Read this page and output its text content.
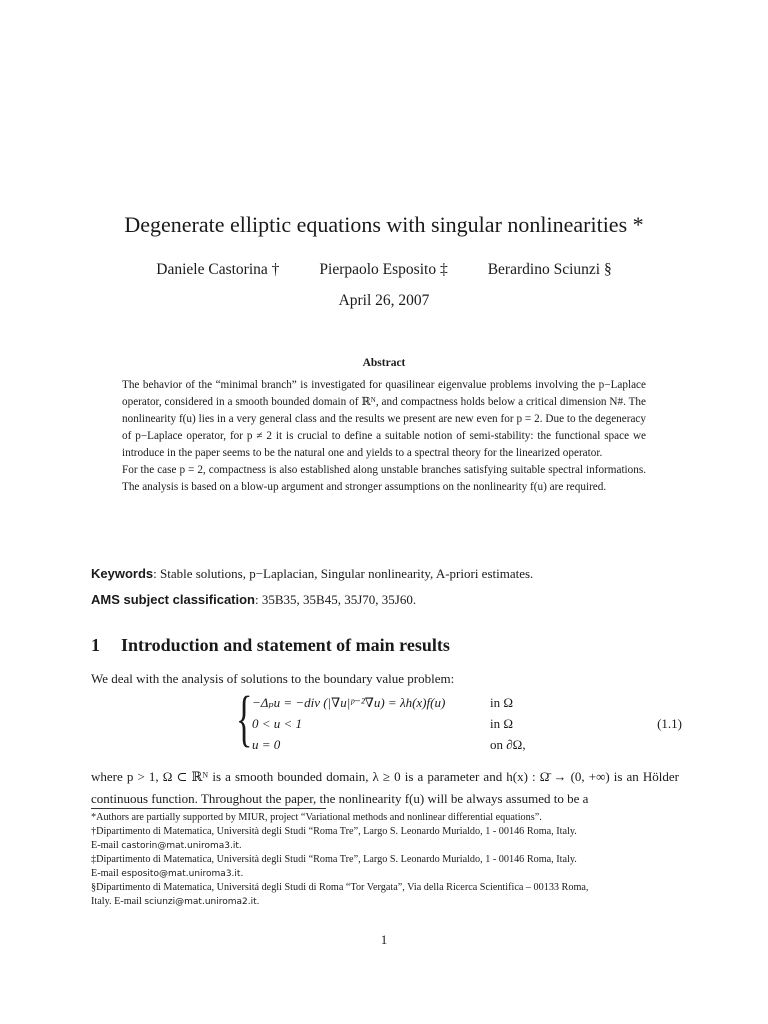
Degenerate elliptic equations with singular nonlinearities *
Daniele Castorina †	Pierpaolo Esposito ‡	Berardino Sciunzi §
April 26, 2007
Abstract

The behavior of the “minimal branch” is investigated for quasilinear eigenvalue problems involving the p−Laplace operator, considered in a smooth bounded domain of ℝᴺ, and compactness holds below a critical dimension N#. The nonlinearity f(u) lies in a very general class and the results we present are new even for p = 2. Due to the degeneracy of p−Laplace operator, for p ≠ 2 it is crucial to define a suitable notion of semi-stability: the functional space we introduce in the paper seems to be the natural one and yields to a spectral theory for the linearized operator.

For the case p = 2, compactness is also established along unstable branches satisfying suitable spectral informations. The analysis is based on a blow-up argument and stronger assumptions on the nonlinearity f(u) are required.

Keywords: Stable solutions, p−Laplacian, Singular nonlinearity, A-priori estimates.
AMS subject classification: 35B35, 35B45, 35J70, 35J60.
1 Introduction and statement of main results
We deal with the analysis of solutions to the boundary value problem:
{ −Δₚu = −div (|∇u|ᵖ⁻²∇u) = λh(x)f(u)	in Ω
0 < u < 1	in Ω
u = 0	on ∂Ω,
(1.1)

where p > 1, Ω ⊂ ℝᴺ is a smooth bounded domain, λ ≥ 0 is a parameter and h(x) : Ω̄ → (0, +∞) is an Hölder continuous function. Throughout the paper, the nonlinearity f(u) will be always assumed to be a

*Authors are partially supported by MIUR, project “Variational methods and nonlinear differential equations”.

†Dipartimento di Matematica, Università degli Studi “Roma Tre”, Largo S. Leonardo Murialdo, 1 - 00146 Roma, Italy.

E-mail castorin@mat.uniroma3.it.

‡Dipartimento di Matematica, Università degli Studi “Roma Tre”, Largo S. Leonardo Murialdo, 1 - 00146 Roma, Italy.

E-mail esposito@mat.uniroma3.it.

§Dipartimento di Matematica, Universitá degli Studi di Roma “Tor Vergata”, Via della Ricerca Scientifica – 00133 Roma,

Italy. E-mail sciunzi@mat.uniroma2.it.

1
